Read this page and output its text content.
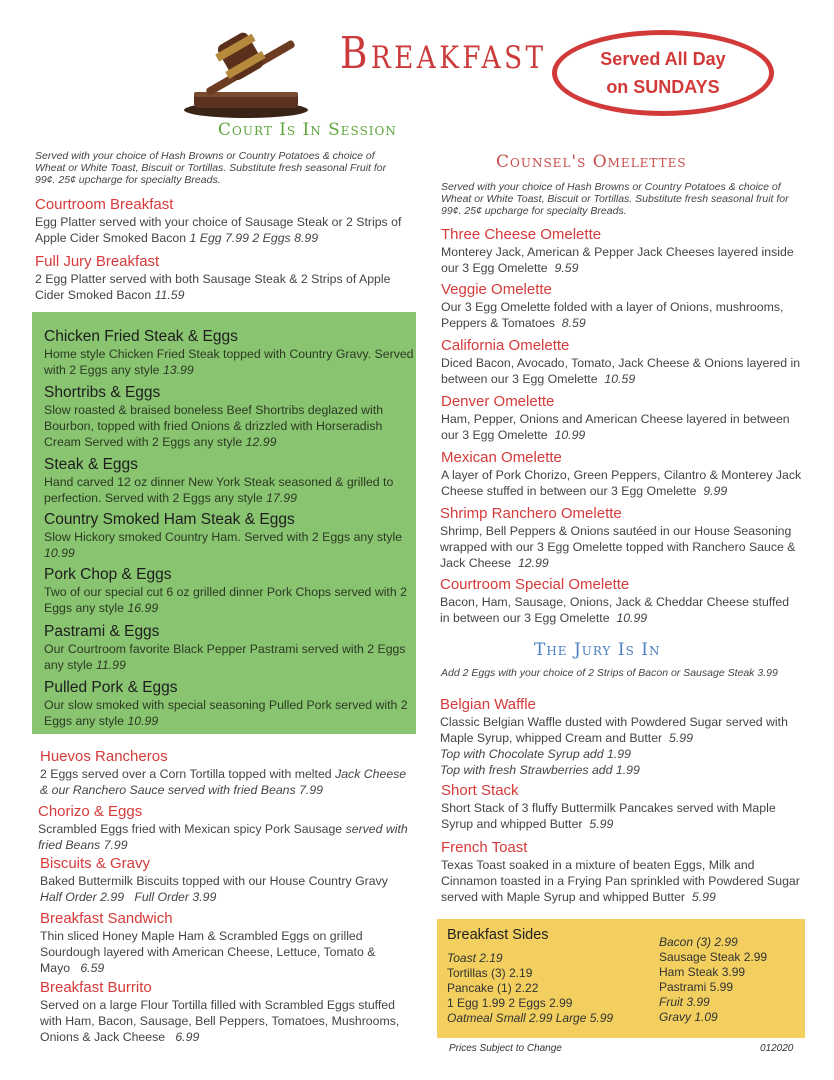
Breakfast	Served All Day
on SUNDAYS
Court Is In Session
Served with your choice of Hash Browns or Country Potatoes & choice of Wheat or White Toast, Biscuit or Tortillas. Substitute fresh seasonal Fruit for 99¢. 25¢ upcharge for specialty Breads.
Courtroom Breakfast
Egg Platter served with your choice of Sausage Steak or 2 Strips of Apple Cider Smoked Bacon 1 Egg 7.99 2 Eggs 8.99
Full Jury Breakfast
2 Egg Platter served with both Sausage Steak & 2 Strips of Apple Cider Smoked Bacon 11.59
Chicken Fried Steak & Eggs
Home style Chicken Fried Steak topped with Country Gravy. Served with 2 Eggs any style 13.99
Shortribs & Eggs
Slow roasted & braised boneless Beef Shortribs deglazed with Bourbon, topped with fried Onions & drizzled with Horseradish Cream Served with 2 Eggs any style 12.99
Steak & Eggs
Hand carved 12 oz dinner New York Steak seasoned & grilled to perfection. Served with 2 Eggs any style 17.99
Country Smoked Ham Steak & Eggs
Slow Hickory smoked Country Ham. Served with 2 Eggs any style 10.99
Pork Chop & Eggs
Two of our special cut 6 oz grilled dinner Pork Chops served with 2 Eggs any style 16.99
Pastrami & Eggs
Our Courtroom favorite Black Pepper Pastrami served with 2 Eggs any style 11.99
Pulled Pork & Eggs
Our slow smoked with special seasoning Pulled Pork served with 2 Eggs any style 10.99
Huevos Rancheros
2 Eggs served over a Corn Tortilla topped with melted Jack Cheese & our Ranchero Sauce served with fried Beans 7.99
Chorizo & Eggs
Scrambled Eggs fried with Mexican spicy Pork Sausage served with fried Beans 7.99
Biscuits & Gravy
Baked Buttermilk Biscuits topped with our House Country Gravy   Half Order 2.99 Full Order 3.99
Breakfast Sandwich
Thin sliced Honey Maple Ham & Scrambled Eggs on grilled Sourdough layered with American Cheese, Lettuce, Tomato & Mayo 6.59
Breakfast Burrito
Served on a large Flour Tortilla filled with Scrambled Eggs stuffed with Ham, Bacon, Sausage, Bell Peppers, Tomatoes, Mushrooms, Onions & Jack Cheese 6.99
Counsel's Omelettes
Served with your choice of Hash Browns or Country Potatoes & choice of Wheat or White Toast, Biscuit or Tortillas. Substitute fresh seasonal fruit for 99¢. 25¢ upcharge for specialty Breads.
Three Cheese Omelette
Monterey Jack, American & Pepper Jack Cheeses layered inside our 3 Egg Omelette 9.59
Veggie Omelette
Our 3 Egg Omelette folded with a layer of Onions, mushrooms, Peppers & Tomatoes 8.59
California Omelette
Diced Bacon, Avocado, Tomato, Jack Cheese & Onions layered in between our 3 Egg Omelette 10.59
Denver Omelette
Ham, Pepper, Onions and American Cheese layered in between our 3 Egg Omelette 10.99
Mexican Omelette
A layer of Pork Chorizo, Green Peppers, Cilantro & Monterey Jack Cheese stuffed in between our 3 Egg Omelette 9.99
Shrimp Ranchero Omelette
Shrimp, Bell Peppers & Onions sautéed in our House Seasoning wrapped with our 3 Egg Omelette topped with Ranchero Sauce & Jack Cheese 12.99
Courtroom Special Omelette
Bacon, Ham, Sausage, Onions, Jack & Cheddar Cheese stuffed in between our 3 Egg Omelette 10.99
The Jury Is In
Add 2 Eggs with your choice of 2 Strips of Bacon or Sausage Steak 3.99
Belgian Waffle
Classic Belgian Waffle dusted with Powdered Sugar served with Maple Syrup, whipped Cream and Butter 5.99
Top with Chocolate Syrup add 1.99
Top with fresh Strawberries add 1.99
Short Stack
Short Stack of 3 fluffy Buttermilk Pancakes served with Maple Syrup and whipped Butter 5.99
French Toast
Texas Toast soaked in a mixture of beaten Eggs, Milk and Cinnamon toasted in a Frying Pan sprinkled with Powdered Sugar served with Maple Syrup and whipped Butter 5.99
Breakfast Sides
Toast 2.19
Tortillas (3) 2.19
Pancake (1) 2.22
1 Egg 1.99 2 Eggs 2.99
Oatmeal Small 2.99 Large 5.99
Bacon (3) 2.99
Sausage Steak 2.99
Ham Steak 3.99
Pastrami 5.99
Fruit 3.99
Gravy 1.09
Prices Subject to Change	012020
